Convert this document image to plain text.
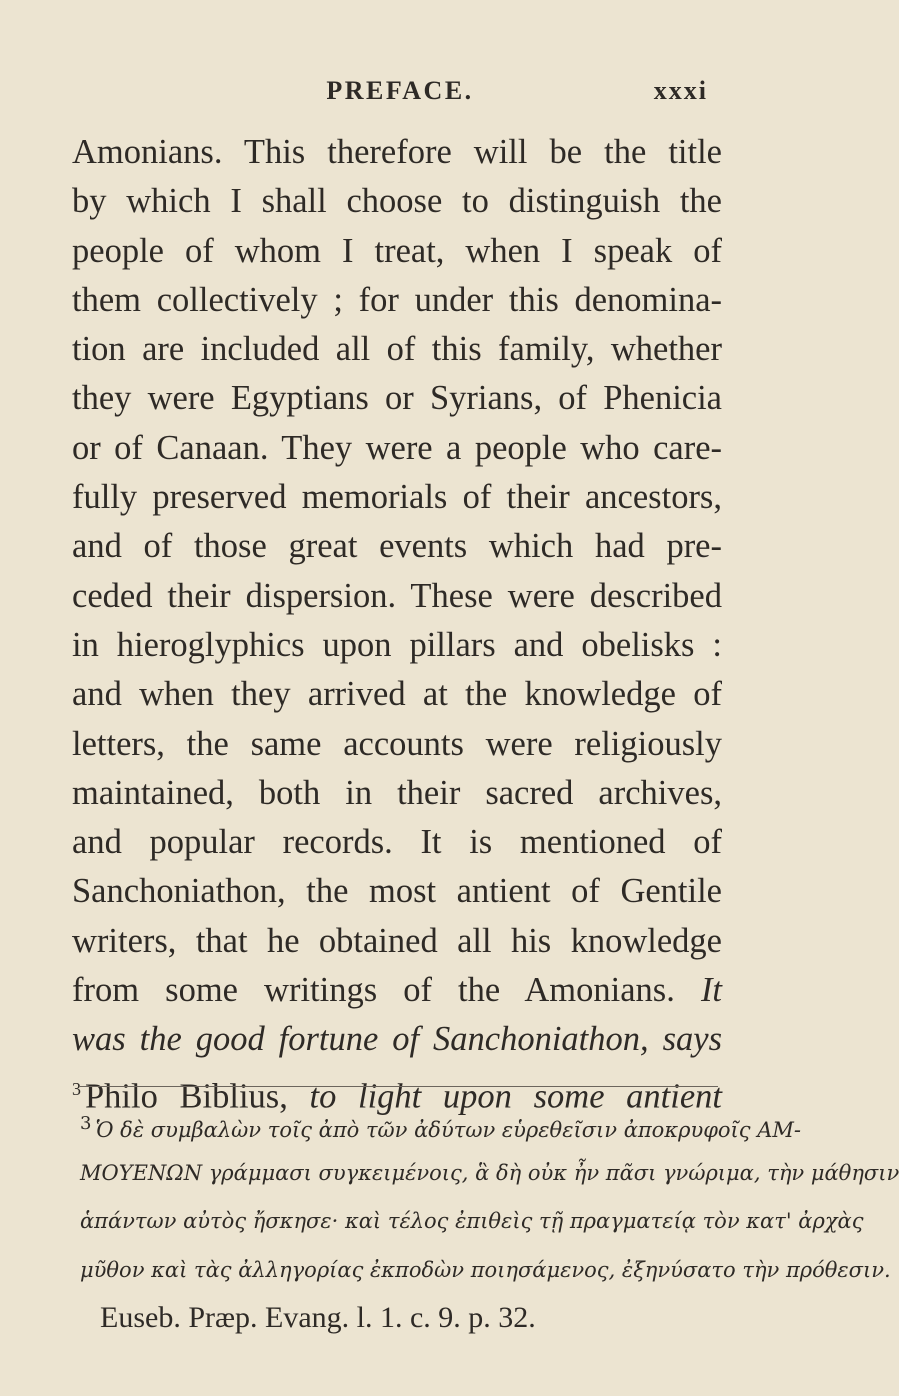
PREFACE.	xxxi
Amonians. This therefore will be the title
by which I shall choose to distinguish the
people of whom I treat, when I speak of
them collectively ; for under this denomina-
tion are included all of this family, whether
they were Egyptians or Syrians, of Phenicia
or of Canaan. They were a people who care-
fully preserved memorials of their ancestors,
and of those great events which had pre-
ceded their dispersion. These were described
in hieroglyphics upon pillars and obelisks :
and when they arrived at the knowledge of
letters, the same accounts were religiously
maintained, both in their sacred archives,
and popular records. It is mentioned of
Sanchoniathon, the most antient of Gentile
writers, that he obtained all his knowledge
from some writings of the Amonians. It
was the good fortune of Sanchoniathon, says
$^3$ Philo Biblius, to light upon some antient
3 Ὁ δὲ συμβαλὼν τοῖς ἀπὸ τῶν ἀδύτων εὑρεθεῖσιν ἀποκρυφοῖς AM-
MOΥΕΝΩΝ γράμμασι συγκειμένοις, ἃ δὴ οὐκ ἦν πᾶσι γνώριμα, τὴν μάθησιν
ἁπάντων αὐτὸς ἤσκησε· καὶ τέλος ἐπιθεὶς τῇ πραγματείᾳ τὸν κατ' ἀρχὰς
μῦθον καὶ τὰς ἀλληγορίας ἐκποδὼν ποιησάμενος, ἐξηνύσατο τὴν πρόθεσιν.
Euseb. Præp. Evang. l. 1. c. 9. p. 32.
